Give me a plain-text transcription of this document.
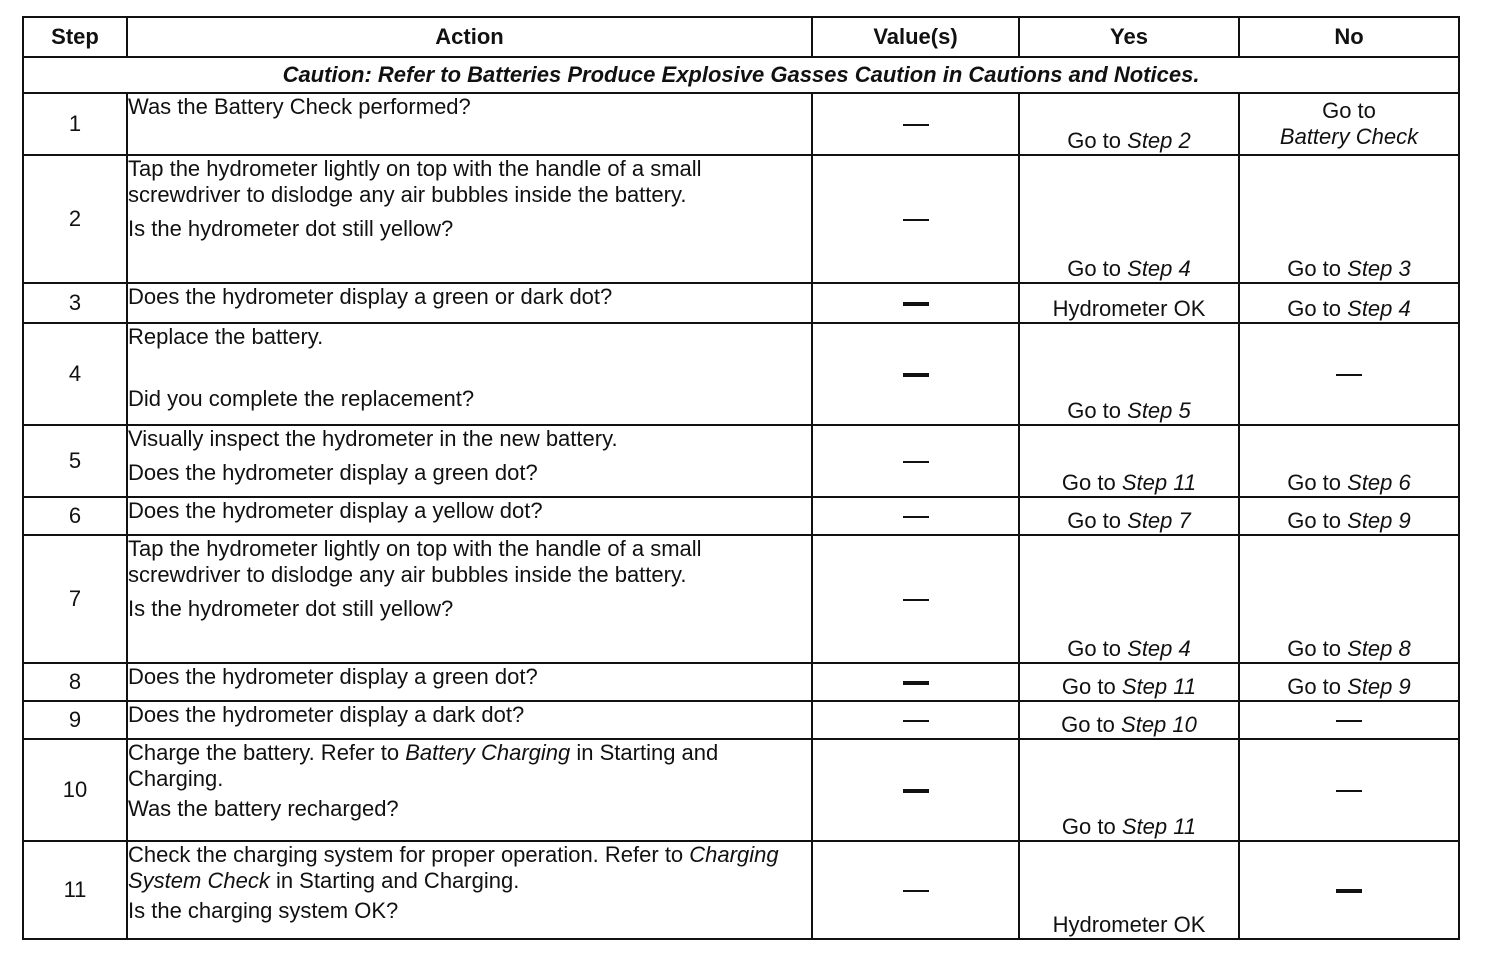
Step	Action	Value(s)	Yes	No
Caution: Refer to Batteries Produce Explosive Gasses Caution in Cautions and Notices.				
1	Was the Battery Check performed?		Go to Step 2	Go to
Battery Check
2	Tap the hydrometer lightly on top with the handle of a small screwdriver to dislodge any air bubbles inside the battery.

Is the hydrometer dot still yellow?		Go to Step 4	Go to Step 3
3	Does the hydrometer display a green or dark dot?		Hydrometer OK	Go to Step 4
4	Replace the battery.

Did you complete the replacement?		Go to Step 5	
5	Visually inspect the hydrometer in the new battery.

Does the hydrometer display a green dot?		Go to Step 11	Go to Step 6
6	Does the hydrometer display a yellow dot?		Go to Step 7	Go to Step 9
7	Tap the hydrometer lightly on top with the handle of a small screwdriver to dislodge any air bubbles inside the battery.

Is the hydrometer dot still yellow?		Go to Step 4	Go to Step 8
8	Does the hydrometer display a green dot?		Go to Step 11	Go to Step 9
9	Does the hydrometer display a dark dot?		Go to Step 10	
10	Charge the battery. Refer to Battery Charging in Starting and Charging.

Was the battery recharged?		Go to Step 11	
11	Check the charging system for proper operation. Refer to Charging System Check in Starting and Charging.

Is the charging system OK?		Hydrometer OK	
